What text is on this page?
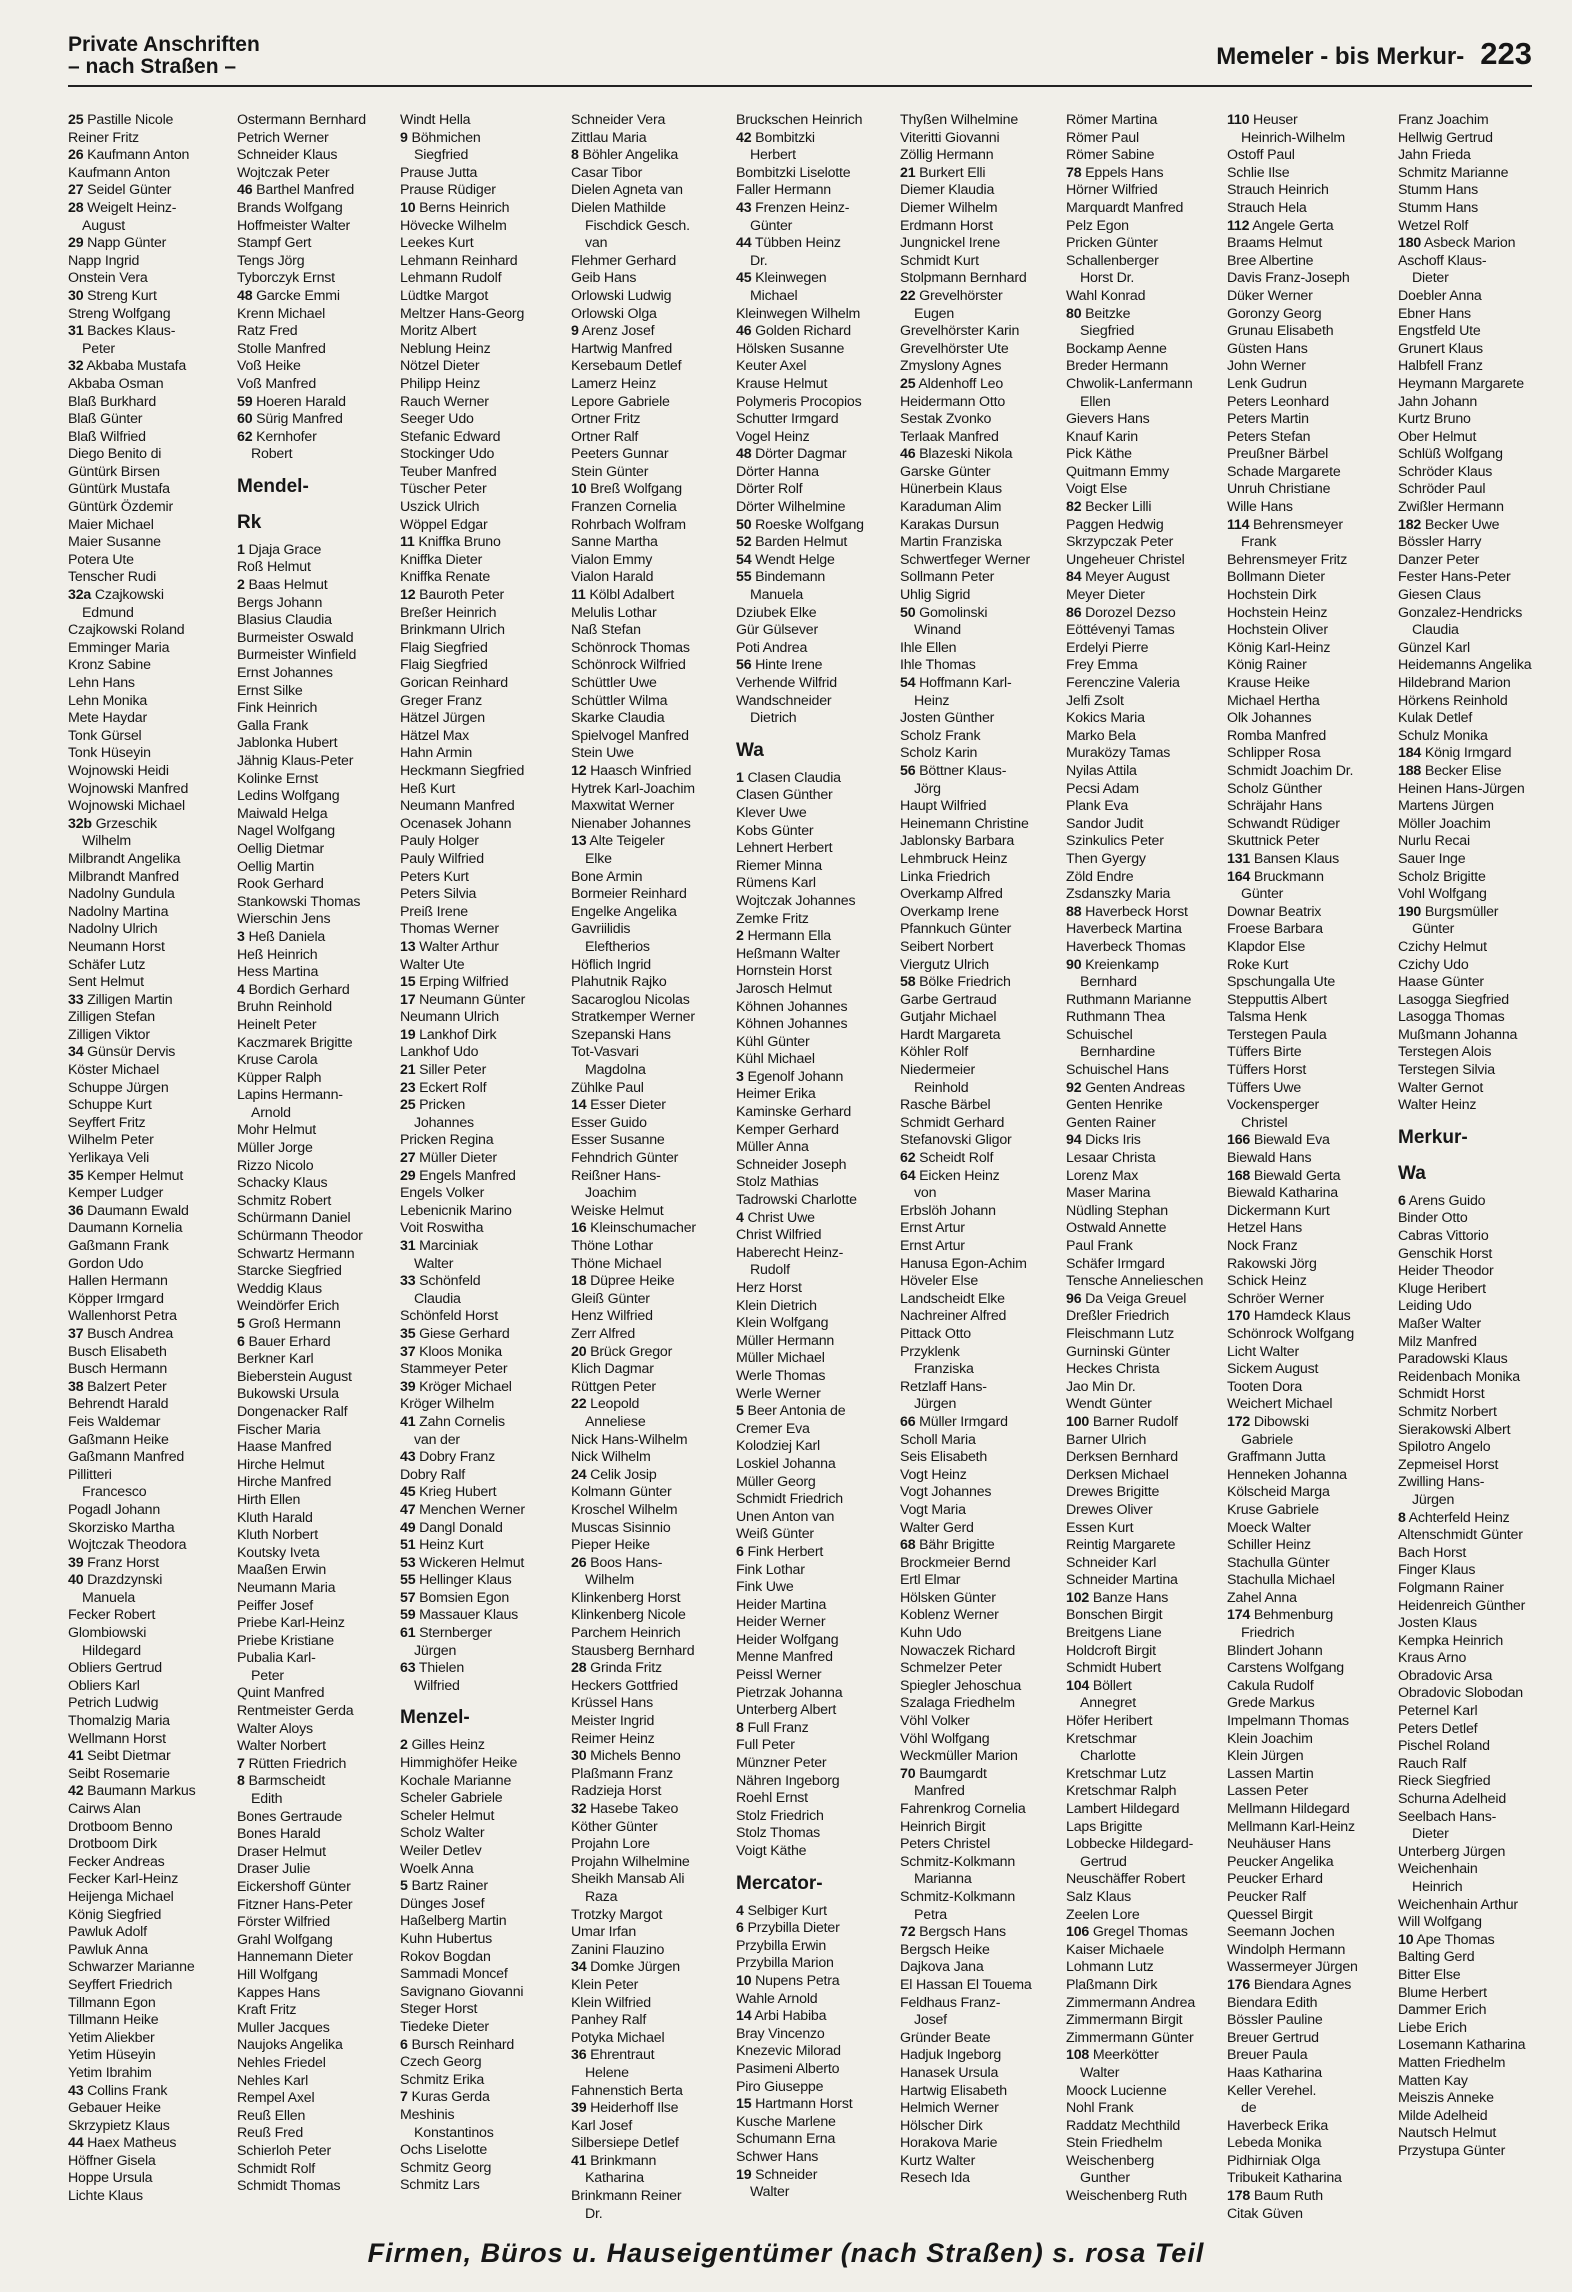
Private Anschriften
– nach Straßen –	Memeler - bis Merkur- 223
25 Pastille Nicole
Reiner Fritz
26 Kaufmann Anton
Kaufmann Anton
27 Seidel Günter
28 Weigelt Heinz-
August
29 Napp Günter
Napp Ingrid
Onstein Vera
30 Streng Kurt
Streng Wolfgang
31 Backes Klaus-
Peter
32 Akbaba Mustafa
Akbaba Osman
Blaß Burkhard
Blaß Günter
Blaß Wilfried
Diego Benito di
Güntürk Birsen
Güntürk Mustafa
Güntürk Özdemir
Maier Michael
Maier Susanne
Potera Ute
Tenscher Rudi
32a Czajkowski
Edmund
Czajkowski Roland
Emminger Maria
Kronz Sabine
Lehn Hans
Lehn Monika
Mete Haydar
Tonk Gürsel
Tonk Hüseyin
Wojnowski Heidi
Wojnowski Manfred
Wojnowski Michael
32b Grzeschik
Wilhelm
Milbrandt Angelika
Milbrandt Manfred
Nadolny Gundula
Nadolny Martina
Nadolny Ulrich
Neumann Horst
Schäfer Lutz
Sent Helmut
33 Zilligen Martin
Zilligen Stefan
Zilligen Viktor
34 Günsür Dervis
Köster Michael
Schuppe Jürgen
Schuppe Kurt
Seyffert Fritz
Wilhelm Peter
Yerlikaya Veli
35 Kemper Helmut
Kemper Ludger
36 Daumann Ewald
Daumann Kornelia
Gaßmann Frank
Gordon Udo
Hallen Hermann
Köpper Irmgard
Wallenhorst Petra
37 Busch Andrea
Busch Elisabeth
Busch Hermann
38 Balzert Peter
Behrendt Harald
Feis Waldemar
Gaßmann Heike
Gaßmann Manfred
Pillitteri
Francesco
Pogadl Johann
Skorzisko Martha
Wojtczak Theodora
39 Franz Horst
40 Drazdzynski
Manuela
Fecker Robert
Glombiowski
Hildegard
Obliers Gertrud
Obliers Karl
Petrich Ludwig
Thomalzig Maria
Wellmann Horst
41 Seibt Dietmar
Seibt Rosemarie
42 Baumann Markus
Cairws Alan
Drotboom Benno
Drotboom Dirk
Fecker Andreas
Fecker Karl-Heinz
Heijenga Michael
König Siegfried
Pawluk Adolf
Pawluk Anna
Schwarzer Marianne
Seyffert Friedrich
Tillmann Egon
Tillmann Heike
Yetim Aliekber
Yetim Hüseyin
Yetim Ibrahim
43 Collins Frank
Gebauer Heike
Skrzypietz Klaus
44 Haex Matheus
Höffner Gisela
Hoppe Ursula
Lichte Klaus
Ostermann Bernhard
Petrich Werner
Schneider Klaus
Wojtczak Peter
46 Barthel Manfred
Brands Wolfgang
Hoffmeister Walter
Stampf Gert
Tengs Jörg
Tyborczyk Ernst
48 Garcke Emmi
Krenn Michael
Ratz Fred
Stolle Manfred
Voß Heike
Voß Manfred
59 Hoeren Harald
60 Sürig Manfred
62 Kernhofer
Robert
Mendel-
Rk
1 Djaja Grace
Roß Helmut
2 Baas Helmut
Bergs Johann
Blasius Claudia
Burmeister Oswald
Burmeister Winfield
Ernst Johannes
Ernst Silke
Fink Heinrich
Galla Frank
Jablonka Hubert
Jähnig Klaus-Peter
Kolinke Ernst
Ledins Wolfgang
Maiwald Helga
Nagel Wolfgang
Oellig Dietmar
Oellig Martin
Rook Gerhard
Stankowski Thomas
Wierschin Jens
3 Heß Daniela
Heß Heinrich
Hess Martina
4 Bordich Gerhard
Bruhn Reinhold
Heinelt Peter
Kaczmarek Brigitte
Kruse Carola
Küpper Ralph
Lapins Hermann-
Arnold
Mohr Helmut
Müller Jorge
Rizzo Nicolo
Schacky Klaus
Schmitz Robert
Schürmann Daniel
Schürmann Theodor
Schwartz Hermann
Starcke Siegfried
Weddig Klaus
Weindörfer Erich
5 Groß Hermann
6 Bauer Erhard
Berkner Karl
Bieberstein August
Bukowski Ursula
Dongenacker Ralf
Fischer Maria
Haase Manfred
Hirche Helmut
Hirche Manfred
Hirth Ellen
Kluth Harald
Kluth Norbert
Koutsky Iveta
Maaßen Erwin
Neumann Maria
Peiffer Josef
Priebe Karl-Heinz
Priebe Kristiane
Pubalia Karl-
Peter
Quint Manfred
Rentmeister Gerda
Walter Aloys
Walter Norbert
7 Rütten Friedrich
8 Barmscheidt
Edith
Bones Gertraude
Bones Harald
Draser Helmut
Draser Julie
Eickershoff Günter
Fitzner Hans-Peter
Förster Wilfried
Grahl Wolfgang
Hannemann Dieter
Hill Wolfgang
Kappes Hans
Kraft Fritz
Muller Jacques
Naujoks Angelika
Nehles Friedel
Nehles Karl
Rempel Axel
Reuß Ellen
Reuß Fred
Schierloh Peter
Schmidt Rolf
Schmidt Thomas
Windt Hella
9 Böhmichen
Siegfried
Prause Jutta
Prause Rüdiger
10 Berns Heinrich
Hövecke Wilhelm
Leekes Kurt
Lehmann Reinhard
Lehmann Rudolf
Lüdtke Margot
Meltzer Hans-Georg
Moritz Albert
Neblung Heinz
Nötzel Dieter
Philipp Heinz
Rauch Werner
Seeger Udo
Stefanic Edward
Stockinger Udo
Teuber Manfred
Tüscher Peter
Uszick Ulrich
Wöppel Edgar
11 Kniffka Bruno
Kniffka Dieter
Kniffka Renate
12 Bauroth Peter
Breßer Heinrich
Brinkmann Ulrich
Flaig Siegfried
Flaig Siegfried
Gorican Reinhard
Greger Franz
Hätzel Jürgen
Hätzel Max
Hahn Armin
Heckmann Siegfried
Heß Kurt
Neumann Manfred
Ocenasek Johann
Pauly Holger
Pauly Wilfried
Peters Kurt
Peters Silvia
Preiß Irene
Thomas Werner
13 Walter Arthur
Walter Ute
15 Erping Wilfried
17 Neumann Günter
Neumann Ulrich
19 Lankhof Dirk
Lankhof Udo
21 Siller Peter
23 Eckert Rolf
25 Pricken
Johannes
Pricken Regina
27 Müller Dieter
29 Engels Manfred
Engels Volker
Lebenicnik Marino
Voit Roswitha
31 Marciniak
Walter
33 Schönfeld
Claudia
Schönfeld Horst
35 Giese Gerhard
37 Kloos Monika
Stammeyer Peter
39 Kröger Michael
Kröger Wilhelm
41 Zahn Cornelis
van der
43 Dobry Franz
Dobry Ralf
45 Krieg Hubert
47 Menchen Werner
49 Dangl Donald
51 Heinz Kurt
53 Wickeren Helmut
55 Hellinger Klaus
57 Bomsien Egon
59 Massauer Klaus
61 Sternberger
Jürgen
63 Thielen
Wilfried
Menzel-
2 Gilles Heinz
Himmighöfer Heike
Kochale Marianne
Scheler Gabriele
Scheler Helmut
Scholz Walter
Weiler Detlev
Woelk Anna
5 Bartz Rainer
Dünges Josef
Haßelberg Martin
Kuhn Hubertus
Rokov Bogdan
Sammadi Moncef
Savignano Giovanni
Steger Horst
Tiedeke Dieter
6 Bursch Reinhard
Czech Georg
Schmitz Erika
7 Kuras Gerda
Meshinis
Konstantinos
Ochs Liselotte
Schmitz Georg
Schmitz Lars
Schneider Vera
Zittlau Maria
8 Böhler Angelika
Casar Tibor
Dielen Agneta van
Dielen Mathilde
Fischdick Gesch.
van
Flehmer Gerhard
Geib Hans
Orlowski Ludwig
Orlowski Olga
9 Arenz Josef
Hartwig Manfred
Kersebaum Detlef
Lamerz Heinz
Lepore Gabriele
Ortner Fritz
Ortner Ralf
Peeters Gunnar
Stein Günter
10 Breß Wolfgang
Franzen Cornelia
Rohrbach Wolfram
Sanne Martha
Vialon Emmy
Vialon Harald
11 Kölbl Adalbert
Melulis Lothar
Naß Stefan
Schönrock Thomas
Schönrock Wilfried
Schüttler Uwe
Schüttler Wilma
Skarke Claudia
Spielvogel Manfred
Stein Uwe
12 Haasch Winfried
Hytrek Karl-Joachim
Maxwitat Werner
Nienaber Johannes
13 Alte Teigeler
Elke
Bone Armin
Bormeier Reinhard
Engelke Angelika
Gavriilidis
Eleftherios
Höflich Ingrid
Plahutnik Rajko
Sacaroglou Nicolas
Stratkemper Werner
Szepanski Hans
Tot-Vasvari
Magdolna
Zühlke Paul
14 Esser Dieter
Esser Guido
Esser Susanne
Fehndrich Günter
Reißner Hans-
Joachim
Weiske Helmut
16 Kleinschumacher
Thöne Lothar
Thöne Michael
18 Düpree Heike
Gleiß Günter
Henz Wilfried
Zerr Alfred
20 Brück Gregor
Klich Dagmar
Rüttgen Peter
22 Leopold
Anneliese
Nick Hans-Wilhelm
Nick Wilhelm
24 Celik Josip
Kolmann Günter
Kroschel Wilhelm
Muscas Sisinnio
Pieper Heike
26 Boos Hans-
Wilhelm
Klinkenberg Horst
Klinkenberg Nicole
Parchem Heinrich
Stausberg Bernhard
28 Grinda Fritz
Heckers Gottfried
Krüssel Hans
Meister Ingrid
Reimer Heinz
30 Michels Benno
Plaßmann Franz
Radzieja Horst
32 Hasebe Takeo
Köther Günter
Projahn Lore
Projahn Wilhelmine
Sheikh Mansab Ali
Raza
Trotzky Margot
Umar Irfan
Zanini Flauzino
34 Domke Jürgen
Klein Peter
Klein Wilfried
Panhey Ralf
Potyka Michael
36 Ehrentraut
Helene
Fahnenstich Berta
39 Heiderhoff Ilse
Karl Josef
Silbersiepe Detlef
41 Brinkmann
Katharina
Brinkmann Reiner
Dr.
Bruckschen Heinrich
42 Bombitzki
Herbert
Bombitzki Liselotte
Faller Hermann
43 Frenzen Heinz-
Günter
44 Tübben Heinz
Dr.
45 Kleinwegen
Michael
Kleinwegen Wilhelm
46 Golden Richard
Hölsken Susanne
Keuter Axel
Krause Helmut
Polymeris Procopios
Schutter Irmgard
Vogel Heinz
48 Dörter Dagmar
Dörter Hanna
Dörter Rolf
Dörter Wilhelmine
50 Roeske Wolfgang
52 Barden Helmut
54 Wendt Helge
55 Bindemann
Manuela
Dziubek Elke
Gür Gülsever
Poti Andrea
56 Hinte Irene
Verhende Wilfrid
Wandschneider
Dietrich
Wa
1 Clasen Claudia
Clasen Günther
Klever Uwe
Kobs Günter
Lehnert Herbert
Riemer Minna
Rümens Karl
Wojtczak Johannes
Zemke Fritz
2 Hermann Ella
Heßmann Walter
Hornstein Horst
Jarosch Helmut
Köhnen Johannes
Köhnen Johannes
Kühl Günter
Kühl Michael
3 Egenolf Johann
Heimer Erika
Kaminske Gerhard
Kemper Gerhard
Müller Anna
Schneider Joseph
Stolz Mathias
Tadrowski Charlotte
4 Christ Uwe
Christ Wilfried
Haberecht Heinz-
Rudolf
Herz Horst
Klein Dietrich
Klein Wolfgang
Müller Hermann
Müller Michael
Werle Thomas
Werle Werner
5 Beer Antonia de
Cremer Eva
Kolodziej Karl
Loskiel Johanna
Müller Georg
Schmidt Friedrich
Unen Anton van
Weiß Günter
6 Fink Herbert
Fink Lothar
Fink Uwe
Heider Martina
Heider Werner
Heider Wolfgang
Menne Manfred
Peissl Werner
Pietrzak Johanna
Unterberg Albert
8 Full Franz
Full Peter
Münzner Peter
Nähren Ingeborg
Roehl Ernst
Stolz Friedrich
Stolz Thomas
Voigt Käthe
Mercator-
4 Selbiger Kurt
6 Przybilla Dieter
Przybilla Erwin
Przybilla Marion
10 Nupens Petra
Wahle Arnold
14 Arbi Habiba
Bray Vincenzo
Knezevic Milorad
Pasimeni Alberto
Piro Giuseppe
15 Hartmann Horst
Kusche Marlene
Schumann Erna
Schwer Hans
19 Schneider
Walter
Thyßen Wilhelmine
Viteritti Giovanni
Zöllig Hermann
21 Burkert Elli
Diemer Klaudia
Diemer Wilhelm
Erdmann Horst
Jungnickel Irene
Schmidt Kurt
Stolpmann Bernhard
22 Grevelhörster
Eugen
Grevelhörster Karin
Grevelhörster Ute
Zmyslony Agnes
25 Aldenhoff Leo
Heidermann Otto
Sestak Zvonko
Terlaak Manfred
46 Blazeski Nikola
Garske Günter
Hünerbein Klaus
Karaduman Alim
Karakas Dursun
Martin Franziska
Schwertfeger Werner
Sollmann Peter
Uhlig Sigrid
50 Gomolinski
Winand
Ihle Ellen
Ihle Thomas
54 Hoffmann Karl-
Heinz
Josten Günther
Scholz Frank
Scholz Karin
56 Böttner Klaus-
Jörg
Haupt Wilfried
Heinemann Christine
Jablonsky Barbara
Lehmbruck Heinz
Linka Friedrich
Overkamp Alfred
Overkamp Irene
Pfannkuch Günter
Seibert Norbert
Viergutz Ulrich
58 Bölke Friedrich
Garbe Gertraud
Gutjahr Michael
Hardt Margareta
Köhler Rolf
Niedermeier
Reinhold
Rasche Bärbel
Schmidt Gerhard
Stefanovski Gligor
62 Scheidt Rolf
64 Eicken Heinz
von
Erbslöh Johann
Ernst Artur
Ernst Artur
Hanusa Egon-Achim
Höveler Else
Landscheidt Elke
Nachreiner Alfred
Pittack Otto
Przyklenk
Franziska
Retzlaff Hans-
Jürgen
66 Müller Irmgard
Scholl Maria
Seis Elisabeth
Vogt Heinz
Vogt Johannes
Vogt Maria
Walter Gerd
68 Bähr Brigitte
Brockmeier Bernd
Ertl Elmar
Hölsken Günter
Koblenz Werner
Kuhn Udo
Nowaczek Richard
Schmelzer Peter
Spiegler Jehoschua
Szalaga Friedhelm
Vöhl Volker
Vöhl Wolfgang
Weckmüller Marion
70 Baumgardt
Manfred
Fahrenkrog Cornelia
Heinrich Birgit
Peters Christel
Schmitz-Kolkmann
Marianna
Schmitz-Kolkmann
Petra
72 Bergsch Hans
Bergsch Heike
Dajkova Jana
El Hassan El Touema
Feldhaus Franz-
Josef
Gründer Beate
Hadjuk Ingeborg
Hanasek Ursula
Hartwig Elisabeth
Helmich Werner
Hölscher Dirk
Horakova Marie
Kurtz Walter
Resech Ida
Römer Martina
Römer Paul
Römer Sabine
78 Eppels Hans
Hörner Wilfried
Marquardt Manfred
Pelz Egon
Pricken Günter
Schallenberger
Horst Dr.
Wahl Konrad
80 Beitzke
Siegfried
Bockamp Aenne
Breder Hermann
Chwolik-Lanfermann
Ellen
Gievers Hans
Knauf Karin
Pick Käthe
Quitmann Emmy
Voigt Else
82 Becker Lilli
Paggen Hedwig
Skrzypczak Peter
Ungeheuer Christel
84 Meyer August
Meyer Dieter
86 Dorozel Dezso
Eöttévenyi Tamas
Erdelyi Pierre
Frey Emma
Ferenczine Valeria
Jelfi Zsolt
Kokics Maria
Marko Bela
Muraközy Tamas
Nyilas Attila
Pecsi Adam
Plank Eva
Sandor Judit
Szinkulics Peter
Then Gyergy
Zöld Endre
Zsdanszky Maria
88 Haverbeck Horst
Haverbeck Martina
Haverbeck Thomas
90 Kreienkamp
Bernhard
Ruthmann Marianne
Ruthmann Thea
Schuischel
Bernhardine
Schuischel Hans
92 Genten Andreas
Genten Henrike
Genten Rainer
94 Dicks Iris
Lesaar Christa
Lorenz Max
Maser Marina
Nüdling Stephan
Ostwald Annette
Paul Frank
Schäfer Irmgard
Tensche Annelieschen
96 Da Veiga Greuel
Dreßler Friedrich
Fleischmann Lutz
Gurninski Günter
Heckes Christa
Jao Min Dr.
Wendt Günter
100 Barner Rudolf
Barner Ulrich
Derksen Bernhard
Derksen Michael
Drewes Brigitte
Drewes Oliver
Essen Kurt
Reintig Margarete
Schneider Karl
Schneider Martina
102 Banze Hans
Bonschen Birgit
Breitgens Liane
Holdcroft Birgit
Schmidt Hubert
104 Böllert
Annegret
Höfer Heribert
Kretschmar
Charlotte
Kretschmar Lutz
Kretschmar Ralph
Lambert Hildegard
Laps Brigitte
Lobbecke Hildegard-
Gertrud
Neuschäffer Robert
Salz Klaus
Zeelen Lore
106 Gregel Thomas
Kaiser Michaele
Lohmann Lutz
Plaßmann Dirk
Zimmermann Andrea
Zimmermann Birgit
Zimmermann Günter
108 Meerkötter
Walter
Moock Lucienne
Nohl Frank
Raddatz Mechthild
Stein Friedhelm
Weischenberg
Gunther
Weischenberg Ruth
110 Heuser
Heinrich-Wilhelm
Ostoff Paul
Schlie Ilse
Strauch Heinrich
Strauch Hela
112 Angele Gerta
Braams Helmut
Bree Albertine
Davis Franz-Joseph
Düker Werner
Goronzy Georg
Grunau Elisabeth
Güsten Hans
John Werner
Lenk Gudrun
Peters Leonhard
Peters Martin
Peters Stefan
Preußner Bärbel
Schade Margarete
Unruh Christiane
Wille Hans
114 Behrensmeyer
Frank
Behrensmeyer Fritz
Bollmann Dieter
Hochstein Dirk
Hochstein Heinz
Hochstein Oliver
König Karl-Heinz
König Rainer
Krause Heike
Michael Hertha
Olk Johannes
Romba Manfred
Schlipper Rosa
Schmidt Joachim Dr.
Scholz Günther
Schräjahr Hans
Schwandt Rüdiger
Skuttnick Peter
131 Bansen Klaus
164 Bruckmann
Günter
Downar Beatrix
Froese Barbara
Klapdor Else
Roke Kurt
Spschungalla Ute
Stepputtis Albert
Talsma Henk
Terstegen Paula
Tüffers Birte
Tüffers Horst
Tüffers Uwe
Vockensperger
Christel
166 Biewald Eva
Biewald Hans
168 Biewald Gerta
Biewald Katharina
Dickermann Kurt
Hetzel Hans
Nock Franz
Rakowski Jörg
Schick Heinz
Schröer Werner
170 Hamdeck Klaus
Schönrock Wolfgang
Licht Walter
Sickem August
Tooten Dora
Weichert Michael
172 Dibowski
Gabriele
Graffmann Jutta
Henneken Johanna
Kölscheid Marga
Kruse Gabriele
Moeck Walter
Schiller Heinz
Stachulla Günter
Stachulla Michael
Zahel Anna
174 Behmenburg
Friedrich
Blindert Johann
Carstens Wolfgang
Cakula Rudolf
Grede Markus
Impelmann Thomas
Klein Joachim
Klein Jürgen
Lassen Martin
Lassen Peter
Mellmann Hildegard
Mellmann Karl-Heinz
Neuhäuser Hans
Peucker Angelika
Peucker Erhard
Peucker Ralf
Quessel Birgit
Seemann Jochen
Windolph Hermann
Wassermeyer Jürgen
176 Biendara Agnes
Biendara Edith
Bössler Pauline
Breuer Gertrud
Breuer Paula
Haas Katharina
Keller Verehel.
de
Haverbeck Erika
Lebeda Monika
Pidhirniak Olga
Tribukeit Katharina
178 Baum Ruth
Citak Güven
Franz Joachim
Hellwig Gertrud
Jahn Frieda
Schmitz Marianne
Stumm Hans
Stumm Hans
Wetzel Rolf
180 Asbeck Marion
Aschoff Klaus-
Dieter
Doebler Anna
Ebner Hans
Engstfeld Ute
Grunert Klaus
Halbfell Franz
Heymann Margarete
Jahn Johann
Kurtz Bruno
Ober Helmut
Schlüß Wolfgang
Schröder Klaus
Schröder Paul
Zwißler Hermann
182 Becker Uwe
Bössler Harry
Danzer Peter
Fester Hans-Peter
Giesen Claus
Gonzalez-Hendricks
Claudia
Günzel Karl
Heidemanns Angelika
Hildebrand Marion
Hörkens Reinhold
Kulak Detlef
Schulz Monika
184 König Irmgard
188 Becker Elise
Heinen Hans-Jürgen
Martens Jürgen
Möller Joachim
Nurlu Recai
Sauer Inge
Scholz Brigitte
Vohl Wolfgang
190 Burgsmüller
Günter
Czichy Helmut
Czichy Udo
Haase Günter
Lasogga Siegfried
Lasogga Thomas
Mußmann Johanna
Terstegen Alois
Terstegen Silvia
Walter Gernot
Walter Heinz
Merkur-
Wa
6 Arens Guido
Binder Otto
Cabras Vittorio
Genschik Horst
Heider Theodor
Kluge Heribert
Leiding Udo
Maßer Walter
Milz Manfred
Paradowski Klaus
Reidenbach Monika
Schmidt Horst
Schmitz Norbert
Sierakowski Albert
Spilotro Angelo
Zepmeisel Horst
Zwilling Hans-
Jürgen
8 Achterfeld Heinz
Altenschmidt Günter
Bach Horst
Finger Klaus
Folgmann Rainer
Heidenreich Günther
Josten Klaus
Kempka Heinrich
Kraus Arno
Obradovic Arsa
Obradovic Slobodan
Peternel Karl
Peters Detlef
Pischel Roland
Rauch Ralf
Rieck Siegfried
Schurna Adelheid
Seelbach Hans-
Dieter
Unterberg Jürgen
Weichenhain
Heinrich
Weichenhain Arthur
Will Wolfgang
10 Ape Thomas
Balting Gerd
Bitter Else
Blume Herbert
Dammer Erich
Liebe Erich
Losemann Katharina
Matten Friedhelm
Matten Kay
Meiszis Anneke
Milde Adelheid
Nautsch Helmut
Przystupa Günter
Firmen, Büros u. Hauseigentümer (nach Straßen) s. rosa Teil
